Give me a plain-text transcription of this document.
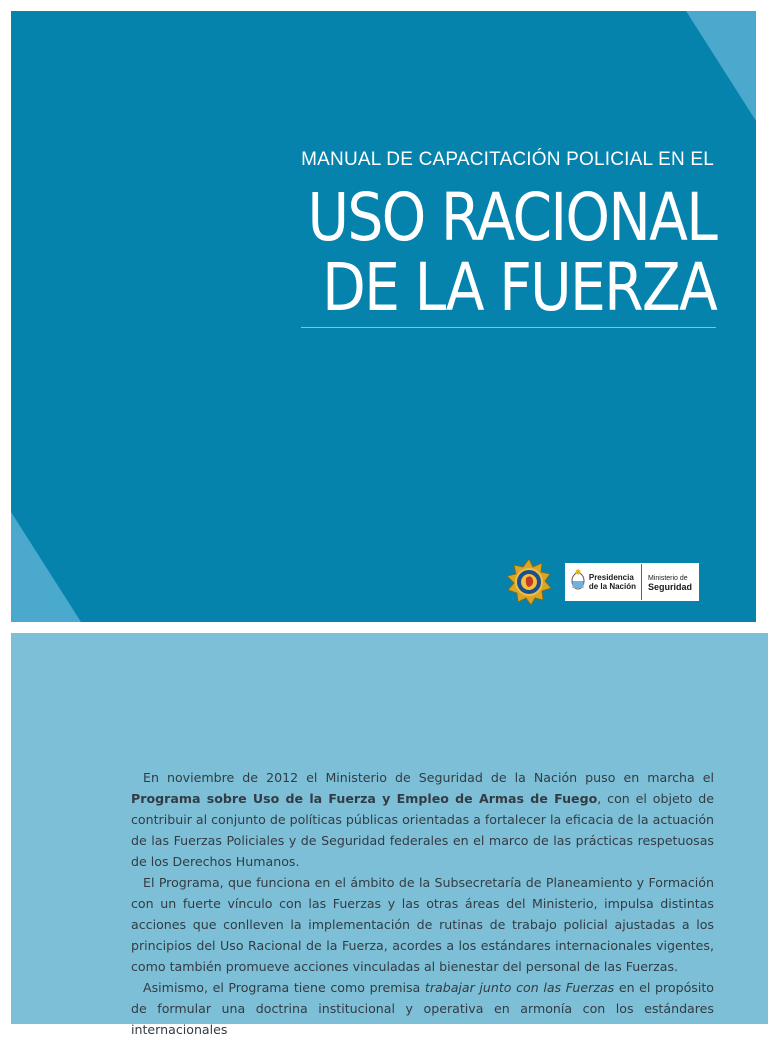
MANUAL DE CAPACITACIÓN POLICIAL EN EL
USO RACIONAL
DE LA FUERZA
Presidencia
de la Nación
Ministerio de
Seguridad

En noviembre de 2012 el Ministerio de Seguridad de la Nación puso en marcha el Programa sobre Uso de la Fuerza y Empleo de Armas de Fuego, con el objeto de contribuir al conjunto de políticas públicas orientadas a fortalecer la eficacia de la actuación de las Fuerzas Policiales y de Seguridad federales en el marco de las prácticas respetuosas de los Derechos Humanos.

El Programa, que funciona en el ámbito de la Subsecretaría de Planeamiento y Formación con un fuerte vínculo con las Fuerzas y las otras áreas del Ministerio, impulsa distintas acciones que conlleven la implementación de rutinas de trabajo policial ajustadas a los principios del Uso Racional de la Fuerza, acordes a los estándares internacionales vigentes, como también promueve acciones vinculadas al bienestar del personal de las Fuerzas.

Asimismo, el Programa tiene como premisa trabajar junto con las Fuerzas en el propósito de formular una doctrina institucional y operativa en armonía con los estándares internacionales
